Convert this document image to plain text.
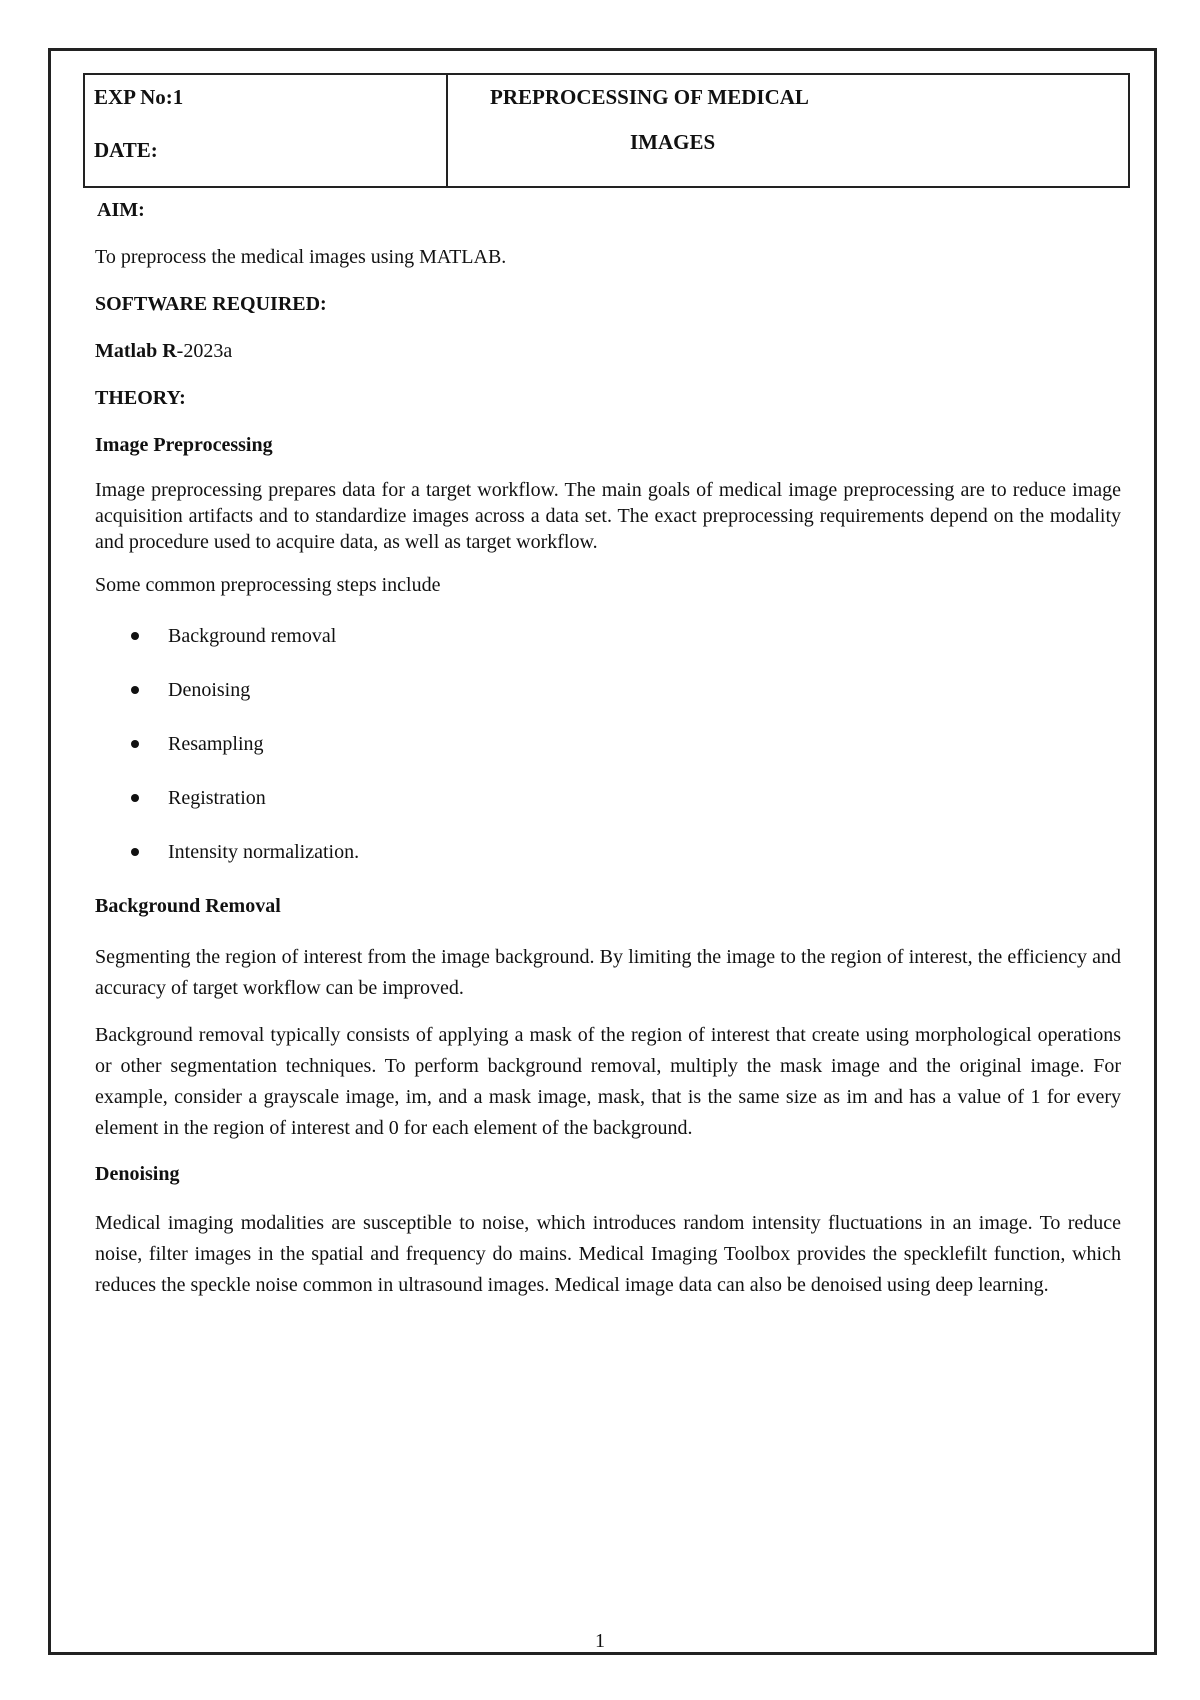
EXP No:1
DATE:
PREPROCESSING OF MEDICAL
IMAGES

AIM:

To preprocess the medical images using MATLAB.

SOFTWARE REQUIRED:

Matlab R-2023a

THEORY:

Image Preprocessing

Image preprocessing prepares data for a target workflow. The main goals of medical image preprocessing are to reduce image acquisition artifacts and to standardize images across a data set. The exact preprocessing requirements depend on the modality and procedure used to acquire data, as well as target workflow.

Some common preprocessing steps include

Background removal
Denoising
Resampling
Registration
Intensity normalization.

Background Removal

Segmenting the region of interest from the image background. By limiting the image to the region of interest, the efficiency and accuracy of target workflow can be improved.

Background removal typically consists of applying a mask of the region of interest that create using morphological operations or other segmentation techniques. To perform background removal, multiply the mask image and the original image. For example, consider a grayscale image, im, and a mask image, mask, that is the same size as im and has a value of 1 for every element in the region of interest and 0 for each element of the background.

Denoising

Medical imaging modalities are susceptible to noise, which introduces random intensity fluctuations in an image. To reduce noise, filter images in the spatial and frequency do mains. Medical Imaging Toolbox provides the specklefilt function, which reduces the speckle noise common in ultrasound images. Medical image data can also be denoised using deep learning.

1
